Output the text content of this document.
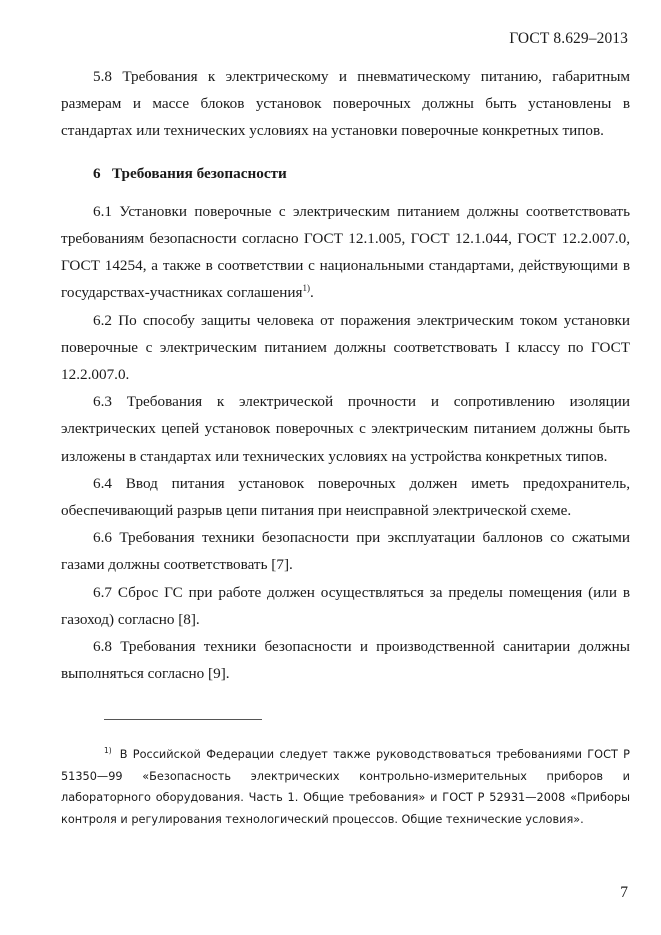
ГОСТ 8.629–2013

5.8 Требования к электрическому и пневматическому питанию, габаритным размерам и массе блоков установок поверочных должны быть установлены в стандартах или технических условиях на установки поверочные конкретных типов.

6 Требования безопасности

6.1 Установки поверочные с электрическим питанием должны соответствовать требованиям безопасности согласно ГОСТ 12.1.005, ГОСТ 12.1.044, ГОСТ 12.2.007.0, ГОСТ 14254, а также в соответствии с национальными стандартами, действующими в государствах-участниках соглашения$^{1)}$.

6.2 По способу защиты человека от поражения электрическим током установки поверочные с электрическим питанием должны соответствовать I классу по ГОСТ 12.2.007.0.

6.3 Требования к электрической прочности и сопротивлению изоляции электрических цепей установок поверочных с электрическим питанием должны быть изложены в стандартах или технических условиях на устройства конкретных типов.

6.4 Ввод питания установок поверочных должен иметь предохранитель, обеспечивающий разрыв цепи питания при неисправной электрической схеме.

6.6 Требования техники безопасности при эксплуатации баллонов со сжатыми газами должны соответствовать [7].

6.7 Сброс ГС при работе должен осуществляться за пределы помещения (или в газоход) согласно [8].

6.8 Требования техники безопасности и производственной санитарии должны выполняться согласно [9].

$^{1)}$ В Российской Федерации следует также руководствоваться требованиями ГОСТ Р 51350—99 «Безопасность электрических контрольно-измерительных приборов и лабораторного оборудования. Часть 1. Общие требования» и ГОСТ Р 52931—2008 «Приборы контроля и регулирования технологический процессов. Общие технические условия».

7
